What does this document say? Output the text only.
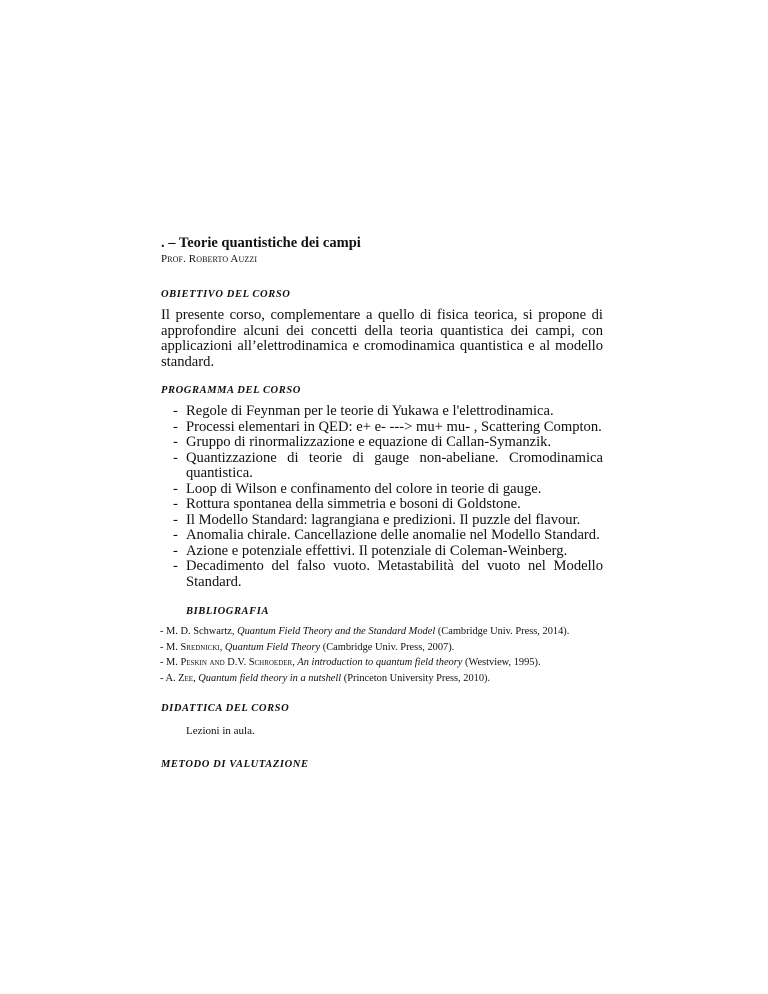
. – Teorie quantistiche dei campi

Prof. Roberto Auzzi

OBIETTIVO DEL CORSO

Il presente corso, complementare a quello di fisica teorica, si propone di approfondire alcuni dei concetti della teoria quantistica dei campi, con applicazioni all’elettrodinamica e cromodinamica quantistica e al modello standard.

PROGRAMMA DEL CORSO

- Regole di Feynman per le teorie di Yukawa e l'elettrodinamica.
- Processi elementari in QED: e+ e- ---> mu+ mu- , Scattering Compton.
- Gruppo di rinormalizzazione e equazione di Callan-Symanzik.
- Quantizzazione di teorie di gauge non-abeliane. Cromodinamica quantistica.
- Loop di Wilson e confinamento del colore in teorie di gauge.
- Rottura spontanea della simmetria e bosoni di Goldstone.
- Il Modello Standard: lagrangiana e predizioni. Il puzzle del flavour.
- Anomalia chirale. Cancellazione delle anomalie nel Modello Standard.
- Azione e potenziale effettivi. Il potenziale di Coleman-Weinberg.
- Decadimento del falso vuoto. Metastabilità del vuoto nel Modello Standard.

BIBLIOGRAFIA

- M. D. Schwartz, Quantum Field Theory and the Standard Model (Cambridge Univ. Press, 2014).
- M. Srednicki, Quantum Field Theory (Cambridge Univ. Press, 2007).
- M. Peskin and D.V. Schroeder, An introduction to quantum field theory (Westview, 1995).
- A. Zee, Quantum field theory in a nutshell (Princeton University Press, 2010).

DIDATTICA DEL CORSO

Lezioni in aula.

METODO DI VALUTAZIONE
